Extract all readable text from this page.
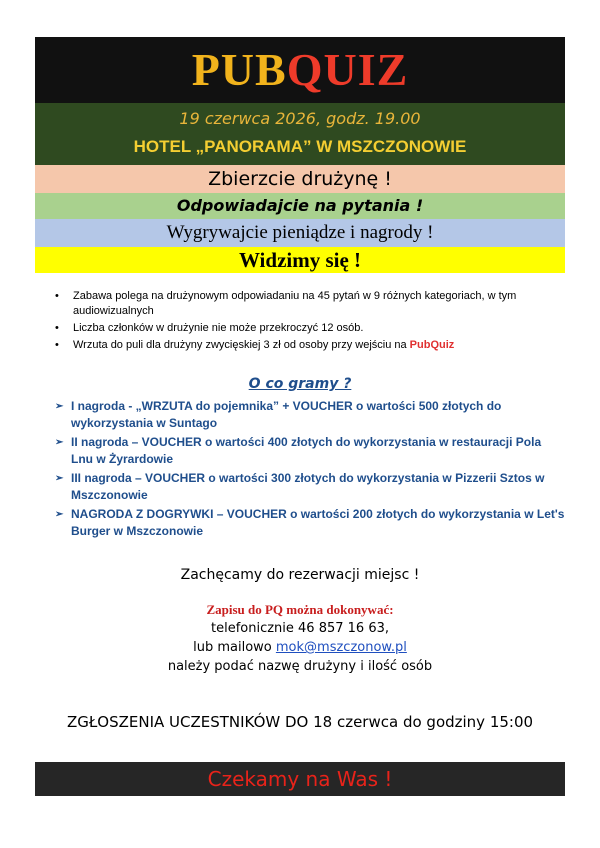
PUBQUIZ
19 czerwca 2026, godz. 19.00
HOTEL „PANORAMA” W MSZCZONOWIE
Zbierzcie drużynę !
Odpowiadajcie na pytania !
Wygrywajcie pieniądze i nagrody !
Widzimy się !
• Zabawa polega na drużynowym odpowiadaniu na 45 pytań w 9 różnych kategoriach, w tym audiowizualnych
• Liczba członków w drużynie nie może przekroczyć 12 osób.
• Wrzuta do puli dla drużyny zwycięskiej 3 zł od osoby przy wejściu na PubQuiz
O co gramy ?
➢ I nagroda - „WRZUTA do pojemnika” + VOUCHER o wartości 500 złotych do wykorzystania w Suntago
➢ II nagroda – VOUCHER o wartości 400 złotych do wykorzystania w restauracji Pola Lnu w Żyrardowie
➢ III nagroda – VOUCHER o wartości 300 złotych do wykorzystania w Pizzerii Sztos w Mszczonowie
➢ NAGRODA Z DOGRYWKI – VOUCHER o wartości 200 złotych do wykorzystania w Let's Burger w Mszczonowie
Zachęcamy do rezerwacji miejsc !
Zapisu do PQ można dokonywać:
telefonicznie 46 857 16 63,
lub mailowo mok@mszczonow.pl
należy podać nazwę drużyny i ilość osób
ZGŁOSZENIA UCZESTNIKÓW DO 18 czerwca do godziny 15:00
Czekamy na Was !
